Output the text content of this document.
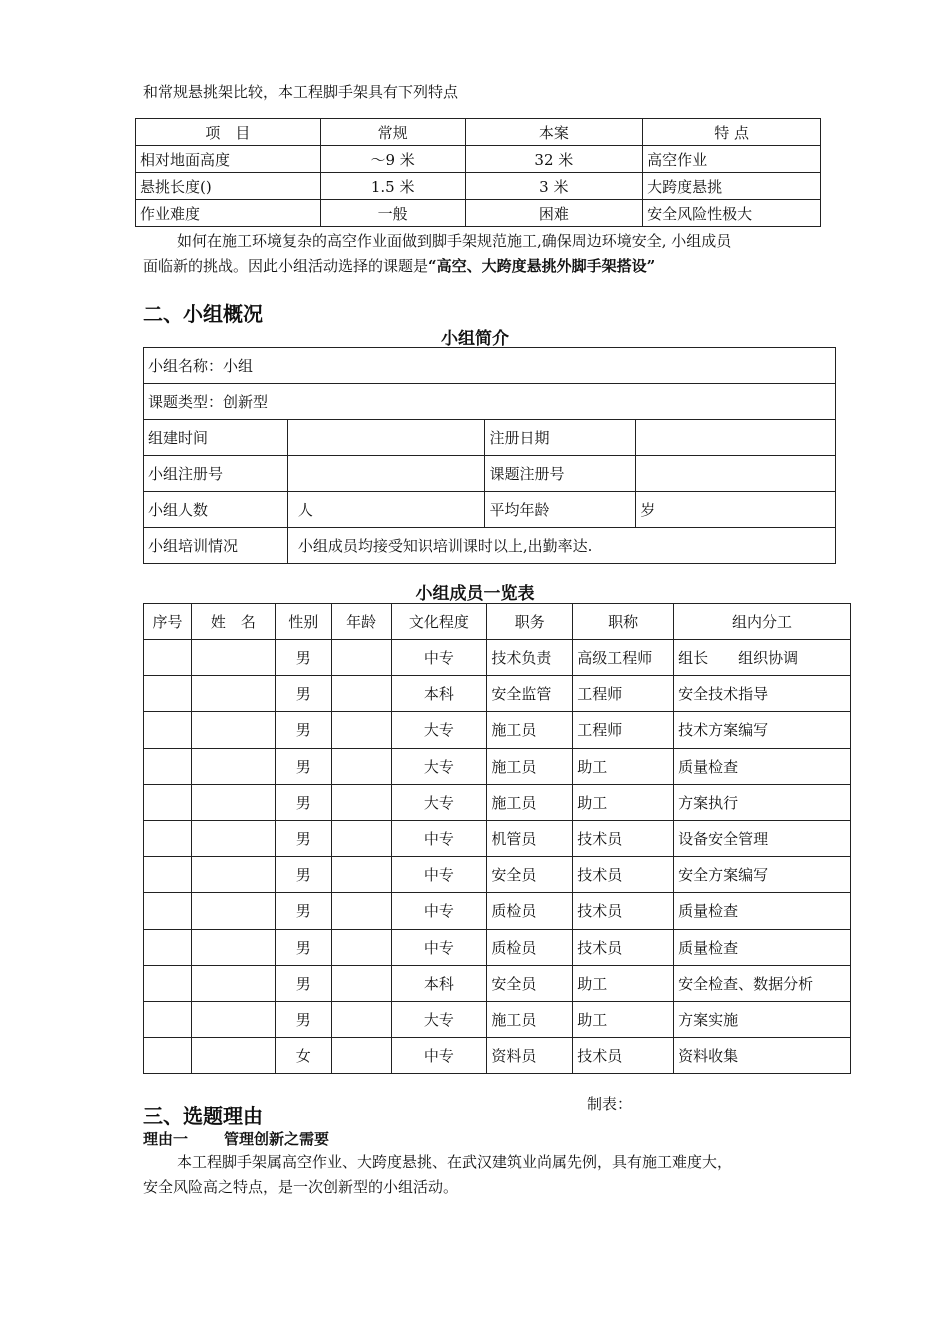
和常规悬挑架比较，本工程脚手架具有下列特点

项　目	常规	本案	特 点
相对地面高度	～9 米	32 米	高空作业
悬挑长度()	1.5 米	3 米	大跨度悬挑
作业难度	一般	困难	安全风险性极大

如何在施工环境复杂的高空作业面做到脚手架规范施工,确保周边环境安全, 小组成员

面临新的挑战。因此小组活动选择的课题是“高空、大跨度悬挑外脚手架搭设”

二、小组概况
小组简介
小组名称：小组			
课题类型：创新型			
组建时间		注册日期	
小组注册号		课题注册号	
小组人数	人	平均年龄	岁
小组培训情况	小组成员均接受知识培训课时以上,出勤率达.		
小组成员一览表
序号	姓　名	性别	年龄	文化程度	职务	职称	组内分工
		男		中专	技术负责	高级工程师	组长　　组织协调
		男		本科	安全监管	工程师	安全技术指导
		男		大专	施工员	工程师	技术方案编写
		男		大专	施工员	助工	质量检查
		男		大专	施工员	助工	方案执行
		男		中专	机管员	技术员	设备安全管理
		男		中专	安全员	技术员	安全方案编写
		男		中专	质检员	技术员	质量检查
		男		中专	质检员	技术员	质量检查
		男		本科	安全员	助工	安全检查、数据分析
		男		大专	施工员	助工	方案实施
		女		中专	资料员	技术员	资料收集
制表：
三、选题理由
理由一 管理创新之需要

本工程脚手架属高空作业、大跨度悬挑、在武汉建筑业尚属先例，具有施工难度大，

安全风险高之特点，是一次创新型的小组活动。
